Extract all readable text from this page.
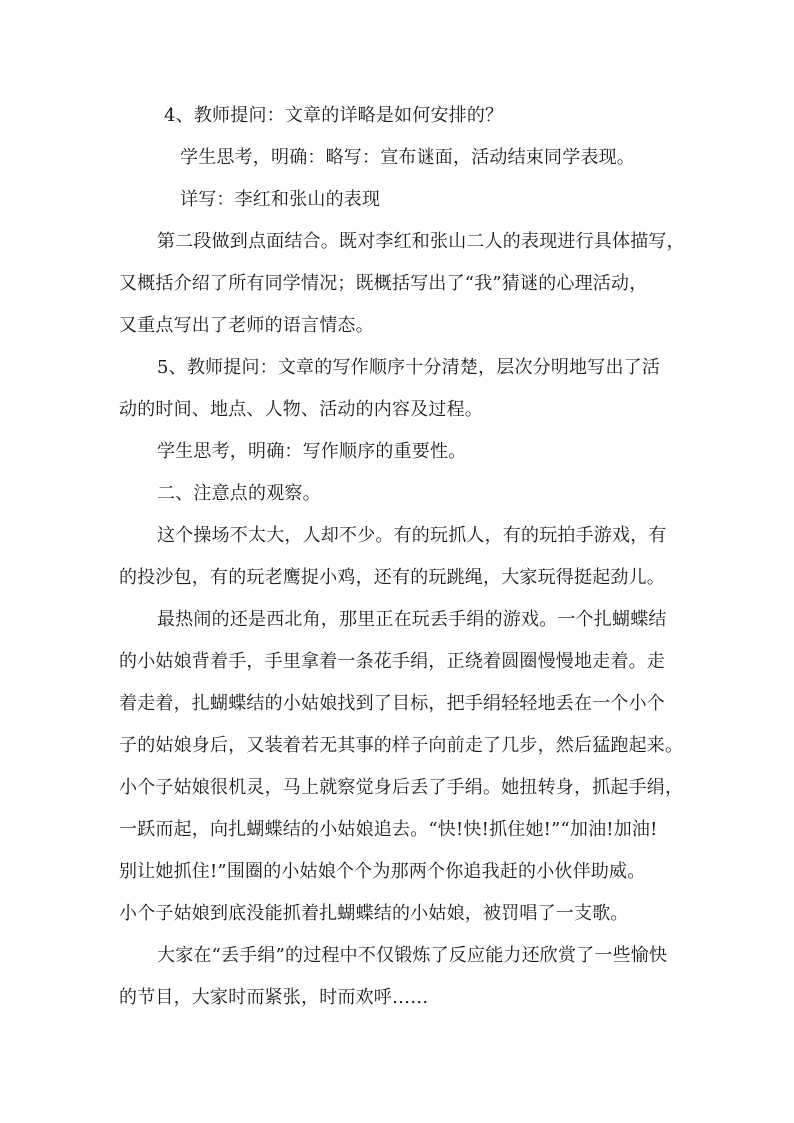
4、教师提问：文章的详略是如何安排的？
学生思考，明确：略写：宣布谜面，活动结束同学表现。
详写：李红和张山的表现
第二段做到点面结合。既对李红和张山二人的表现进行具体描写，
又概括介绍了所有同学情况；既概括写出了“我”猜谜的心理活动，
又重点写出了老师的语言情态。
5、教师提问：文章的写作顺序十分清楚，层次分明地写出了活
动的时间、地点、人物、活动的内容及过程。
学生思考，明确：写作顺序的重要性。
二、注意点的观察。
这个操场不太大，人却不少。有的玩抓人，有的玩拍手游戏，有
的投沙包，有的玩老鹰捉小鸡，还有的玩跳绳，大家玩得挺起劲儿。
最热闹的还是西北角，那里正在玩丢手绢的游戏。一个扎蝴蝶结
的小姑娘背着手，手里拿着一条花手绢，正绕着圆圈慢慢地走着。走
着走着，扎蝴蝶结的小姑娘找到了目标，把手绢轻轻地丢在一个小个
子的姑娘身后，又装着若无其事的样子向前走了几步，然后猛跑起来。
小个子姑娘很机灵，马上就察觉身后丢了手绢。她扭转身，抓起手绢，
一跃而起，向扎蝴蝶结的小姑娘追去。“快!快!抓住她!”“加油!加油!
别让她抓住!”围圈的小姑娘个个为那两个你追我赶的小伙伴助威。
小个子姑娘到底没能抓着扎蝴蝶结的小姑娘，被罚唱了一支歌。
大家在“丢手绢”的过程中不仅锻炼了反应能力还欣赏了一些愉快
的节目，大家时而紧张，时而欢呼……
